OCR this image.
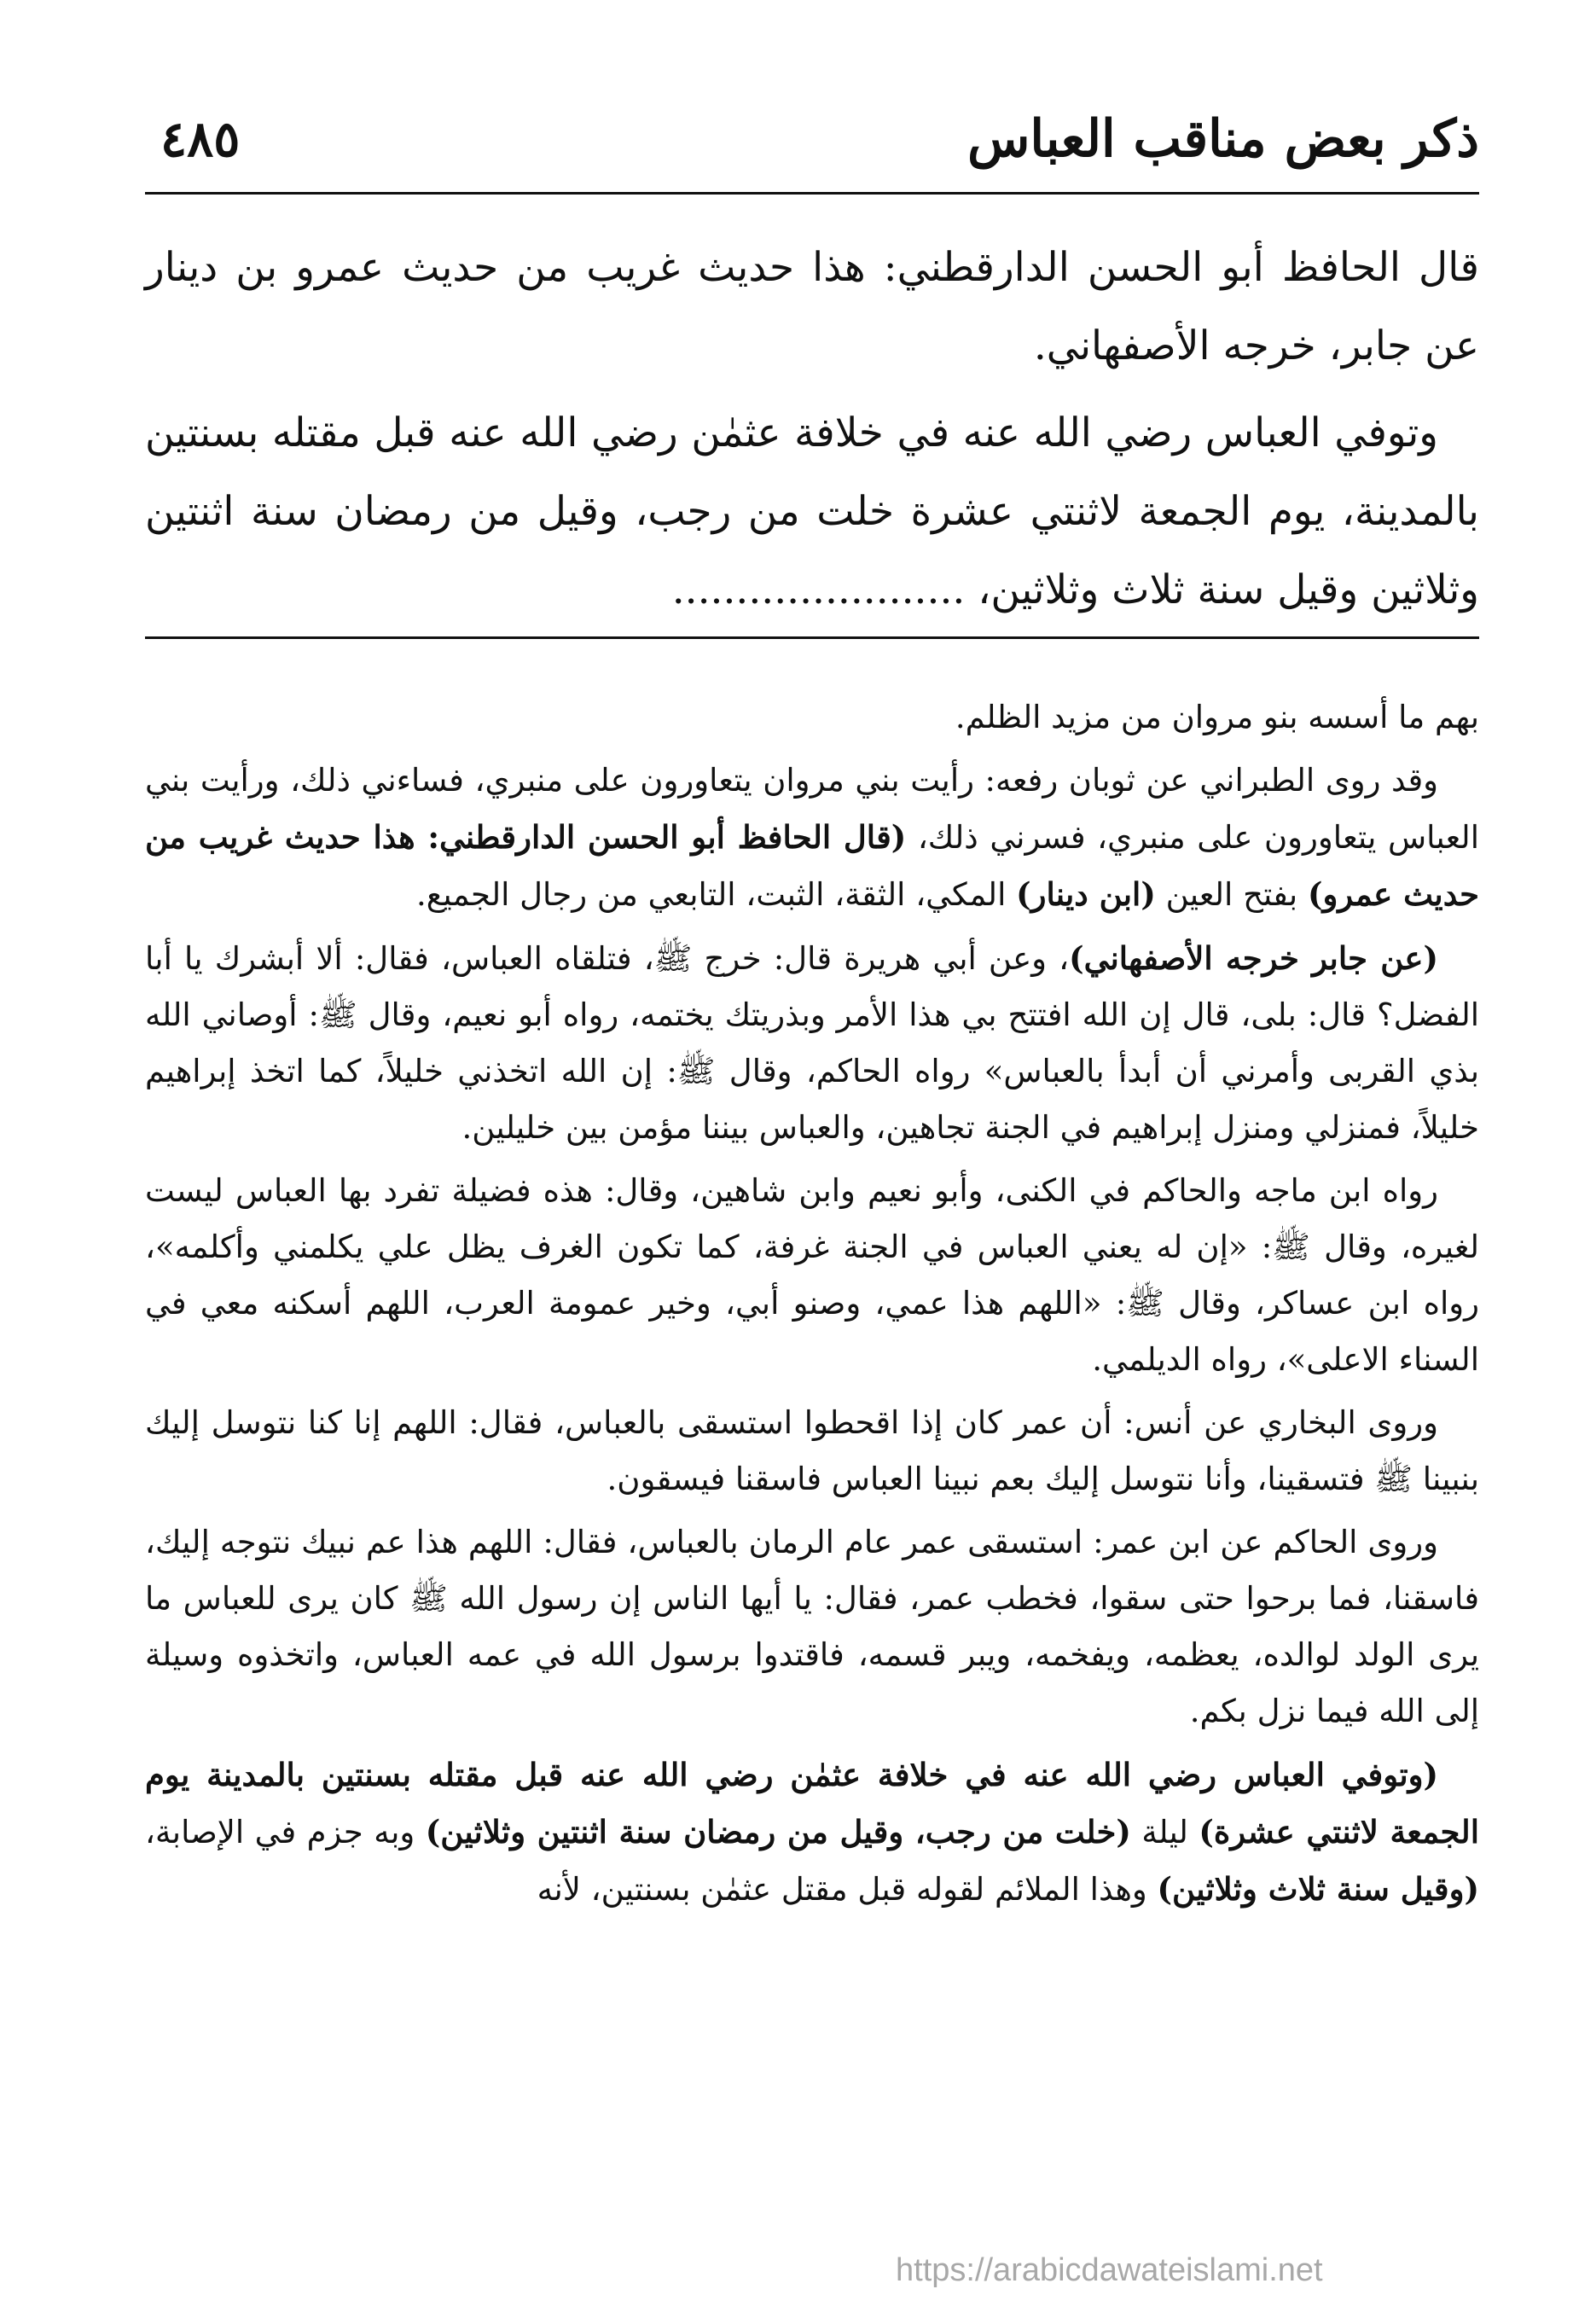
ذكر بعض مناقب العباس
٤٨٥

قال الحافظ أبو الحسن الدارقطني: هذا حديث غريب من حديث عمرو بن دينار عن جابر، خرجه الأصفهاني.

وتوفي العباس رضي الله عنه في خلافة عثمٰن رضي الله عنه قبل مقتله بسنتين بالمدينة، يوم الجمعة لاثنتي عشرة خلت من رجب، وقيل من رمضان سنة اثنتين وثلاثين وقيل سنة ثلاث وثلاثين، .......................

بهم ما أسسه بنو مروان من مزيد الظلم.

وقد روى الطبراني عن ثوبان رفعه: رأيت بني مروان يتعاورون على منبري، فساءني ذلك، ورأيت بني العباس يتعاورون على منبري، فسرني ذلك، (قال الحافظ أبو الحسن الدارقطني: هذا حديث غريب من حديث عمرو) بفتح العين (ابن دينار) المكي، الثقة، الثبت، التابعي من رجال الجميع.

(عن جابر خرجه الأصفهاني)، وعن أبي هريرة قال: خرج ﷺ، فتلقاه العباس، فقال: ألا أبشرك يا أبا الفضل؟ قال: بلى، قال إن الله افتتح بي هذا الأمر وبذريتك يختمه، رواه أبو نعيم، وقال ﷺ: أوصاني الله بذي القربى وأمرني أن أبدأ بالعباس» رواه الحاكم، وقال ﷺ: إن الله اتخذني خليلاً، كما اتخذ إبراهيم خليلاً، فمنزلي ومنزل إبراهيم في الجنة تجاهين، والعباس بيننا مؤمن بين خليلين.

رواه ابن ماجه والحاكم في الكنى، وأبو نعيم وابن شاهين، وقال: هذه فضيلة تفرد بها العباس ليست لغيره، وقال ﷺ: «إن له يعني العباس في الجنة غرفة، كما تكون الغرف يظل علي يكلمني وأكلمه»، رواه ابن عساكر، وقال ﷺ: «اللهم هذا عمي، وصنو أبي، وخير عمومة العرب، اللهم أسكنه معي في السناء الاعلى»، رواه الديلمي.

وروى البخاري عن أنس: أن عمر كان إذا اقحطوا استسقى بالعباس، فقال: اللهم إنا كنا نتوسل إليك بنبينا ﷺ فتسقينا، وأنا نتوسل إليك بعم نبينا العباس فاسقنا فيسقون.

وروى الحاكم عن ابن عمر: استسقى عمر عام الرمان بالعباس، فقال: اللهم هذا عم نبيك نتوجه إليك، فاسقنا، فما برحوا حتى سقوا، فخطب عمر، فقال: يا أيها الناس إن رسول الله ﷺ كان يرى للعباس ما يرى الولد لوالده، يعظمه، ويفخمه، ويبر قسمه، فاقتدوا برسول الله في عمه العباس، واتخذوه وسيلة إلى الله فيما نزل بكم.

(وتوفي العباس رضي الله عنه في خلافة عثمٰن رضي الله عنه قبل مقتله بسنتين بالمدينة يوم الجمعة لاثنتي عشرة) ليلة (خلت من رجب، وقيل من رمضان سنة اثنتين وثلاثين) وبه جزم في الإصابة، (وقيل سنة ثلاث وثلاثين) وهذا الملائم لقوله قبل مقتل عثمٰن بسنتين، لأنه

https://arabicdawateislami.net
